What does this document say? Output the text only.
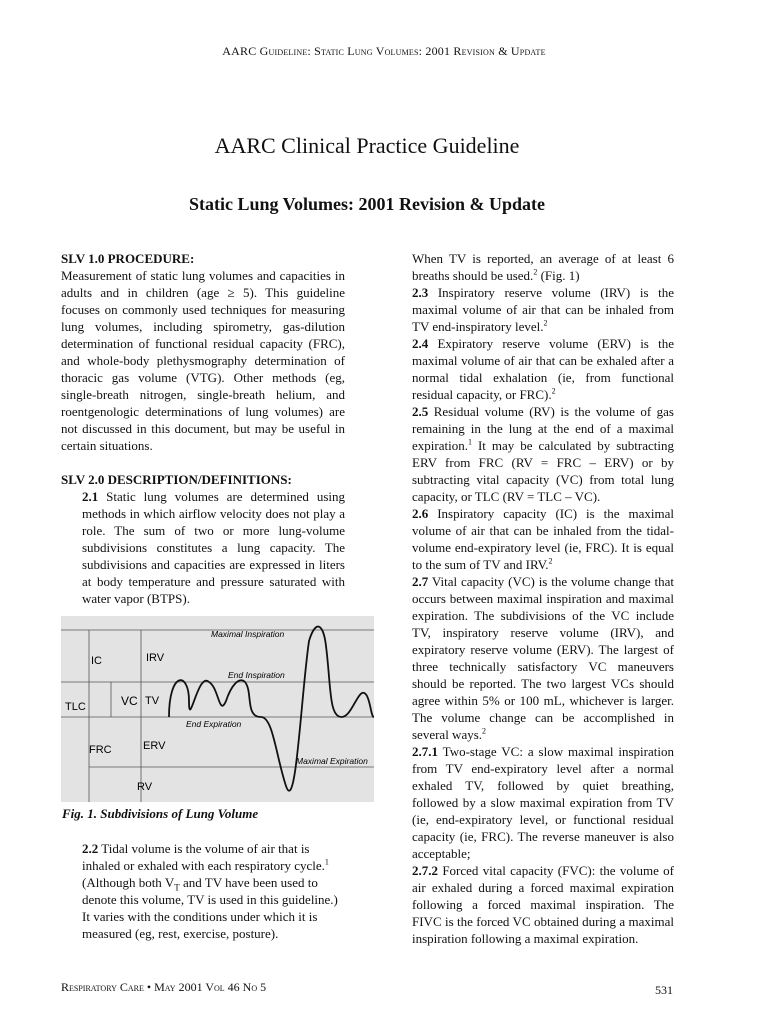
AARC Guideline: Static Lung Volumes: 2001 Revision & Update
AARC Clinical Practice Guideline
Static Lung Volumes: 2001 Revision & Update

SLV 1.0 PROCEDURE:

Measurement of static lung volumes and capacities in adults and in children (age ≥ 5). This guideline focuses on commonly used techniques for measuring lung volumes, including spirometry, gas-dilution determination of functional residual capacity (FRC), and whole-body plethysmography determination of thoracic gas volume (VTG). Other methods (eg, single-breath nitrogen, single-breath helium, and roentgenologic determinations of lung volumes) are not discussed in this document, but may be useful in certain situations.

SLV 2.0 DESCRIPTION/DEFINITIONS:

2.1 Static lung volumes are determined using methods in which airflow velocity does not play a role. The sum of two or more lung-volume subdivisions constitutes a lung capacity. The subdivisions and capacities are expressed in liters at body temperature and pressure saturated with water vapor (BTPS).

IC	IRV
TLC	VC TV
FRC	ERV
RV
Maximal Inspiration
End Inspiration
End Expiration
Maximal Expiration
Fig. 1. Subdivisions of Lung Volume
2.2 Tidal volume is the volume of air that is inhaled or exhaled with each respiratory cycle.$^1$ (Although both $V_T$ and TV have been used to denote this volume, TV is used in this guideline.) It varies with the conditions under which it is measured (eg, rest, exercise, posture).

When TV is reported, an average of at least 6 breaths should be used.$^2$ (Fig. 1)

2.3 Inspiratory reserve volume (IRV) is the maximal volume of air that can be inhaled from TV end-inspiratory level.$^2$

2.4 Expiratory reserve volume (ERV) is the maximal volume of air that can be exhaled after a normal tidal exhalation (ie, from functional residual capacity, or FRC).$^2$

2.5 Residual volume (RV) is the volume of gas remaining in the lung at the end of a maximal expiration.$^1$ It may be calculated by subtracting ERV from FRC (RV = FRC – ERV) or by subtracting vital capacity (VC) from total lung capacity, or TLC (RV = TLC – VC).

2.6 Inspiratory capacity (IC) is the maximal volume of air that can be inhaled from the tidal-volume end-expiratory level (ie, FRC). It is equal to the sum of TV and IRV.$^2$

2.7 Vital capacity (VC) is the volume change that occurs between maximal inspiration and maximal expiration. The subdivisions of the VC include TV, inspiratory reserve volume (IRV), and expiratory reserve volume (ERV). The largest of three technically satisfactory VC maneuvers should be reported. The two largest VCs should agree within 5% or 100 mL, whichever is larger. The volume change can be accomplished in several ways.$^2$

2.7.1 Two-stage VC: a slow maximal inspiration from TV end-expiratory level after a normal exhaled TV, followed by quiet breathing, followed by a slow maximal expiration from TV (ie, end-expiratory level, or functional residual capacity (ie, FRC). The reverse maneuver is also acceptable;

2.7.2 Forced vital capacity (FVC): the volume of air exhaled during a forced maximal expiration following a forced maximal inspiration. The FIVC is the forced VC obtained during a maximal inspiration following a maximal expiration.

Respiratory Care • May 2001 Vol 46 No 5	531
